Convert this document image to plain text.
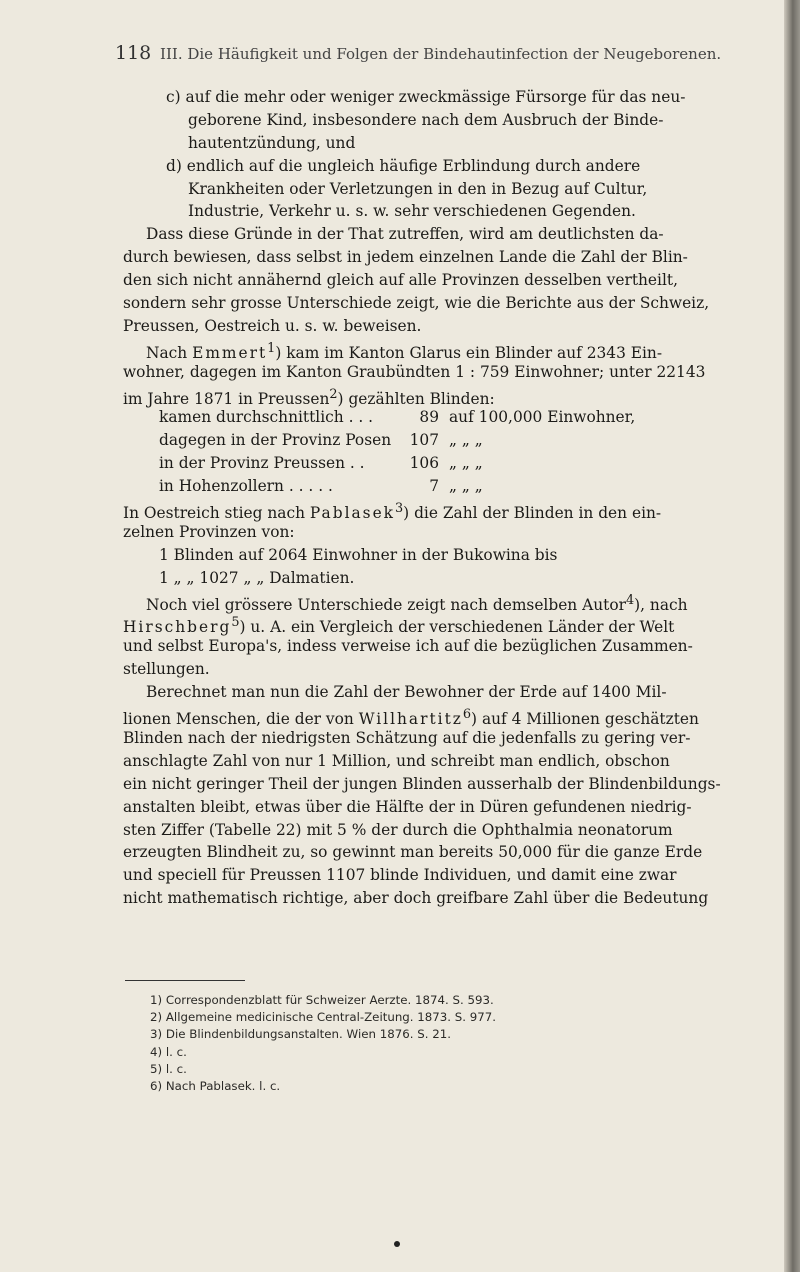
118 III. Die Häufigkeit und Folgen der Bindehautinfection der Neugeborenen.
c) auf die mehr oder weniger zweckmässige Fürsorge für das neu-
geborene Kind, insbesondere nach dem Ausbruch der Binde-
hautentzündung, und
d) endlich auf die ungleich häufige Erblindung durch andere
Krankheiten oder Verletzungen in den in Bezug auf Cultur,
Industrie, Verkehr u. s. w. sehr verschiedenen Gegenden.
Dass diese Gründe in der That zutreffen, wird am deutlichsten da-
durch bewiesen, dass selbst in jedem einzelnen Lande die Zahl der Blin-
den sich nicht annähernd gleich auf alle Provinzen desselben vertheilt,
sondern sehr grosse Unterschiede zeigt, wie die Berichte aus der Schweiz,
Preussen, Oestreich u. s. w. beweisen.
Nach Emmert$^1$) kam im Kanton Glarus ein Blinder auf 2343 Ein-
wohner, dagegen im Kanton Graubündten 1 : 759 Einwohner; unter 22143
im Jahre 1871 in Preussen$^2$) gezählten Blinden:
kamen durchschnittlich . . .	89 auf 100,000 Einwohner,
dagegen in der Provinz Posen	107 „ „ „
in der Provinz Preussen . .	106 „ „ „
in Hohenzollern . . . . .	7 „ „ „
In Oestreich stieg nach Pablasek$^3$) die Zahl der Blinden in den ein-
zelnen Provinzen von:
1 Blinden auf 2064 Einwohner in der Bukowina bis
1 „ „ 1027 „ „ Dalmatien.
Noch viel grössere Unterschiede zeigt nach demselben Autor$^4$), nach
Hirschberg$^5$) u. A. ein Vergleich der verschiedenen Länder der Welt
und selbst Europa's, indess verweise ich auf die bezüglichen Zusammen-
stellungen.
Berechnet man nun die Zahl der Bewohner der Erde auf 1400 Mil-
lionen Menschen, die der von Willhartitz$^6$) auf 4 Millionen geschätzten
Blinden nach der niedrigsten Schätzung auf die jedenfalls zu gering ver-
anschlagte Zahl von nur 1 Million, und schreibt man endlich, obschon
ein nicht geringer Theil der jungen Blinden ausserhalb der Blindenbildungs-
anstalten bleibt, etwas über die Hälfte der in Düren gefundenen niedrig-
sten Ziffer (Tabelle 22) mit 5 % der durch die Ophthalmia neonatorum
erzeugten Blindheit zu, so gewinnt man bereits 50,000 für die ganze Erde
und speciell für Preussen 1107 blinde Individuen, und damit eine zwar
nicht mathematisch richtige, aber doch greifbare Zahl über die Bedeutung
1) Correspondenzblatt für Schweizer Aerzte. 1874. S. 593.
2) Allgemeine medicinische Central-Zeitung. 1873. S. 977.
3) Die Blindenbildungsanstalten. Wien 1876. S. 21.
4) l. c.
5) l. c.
6) Nach Pablasek. l. c.
